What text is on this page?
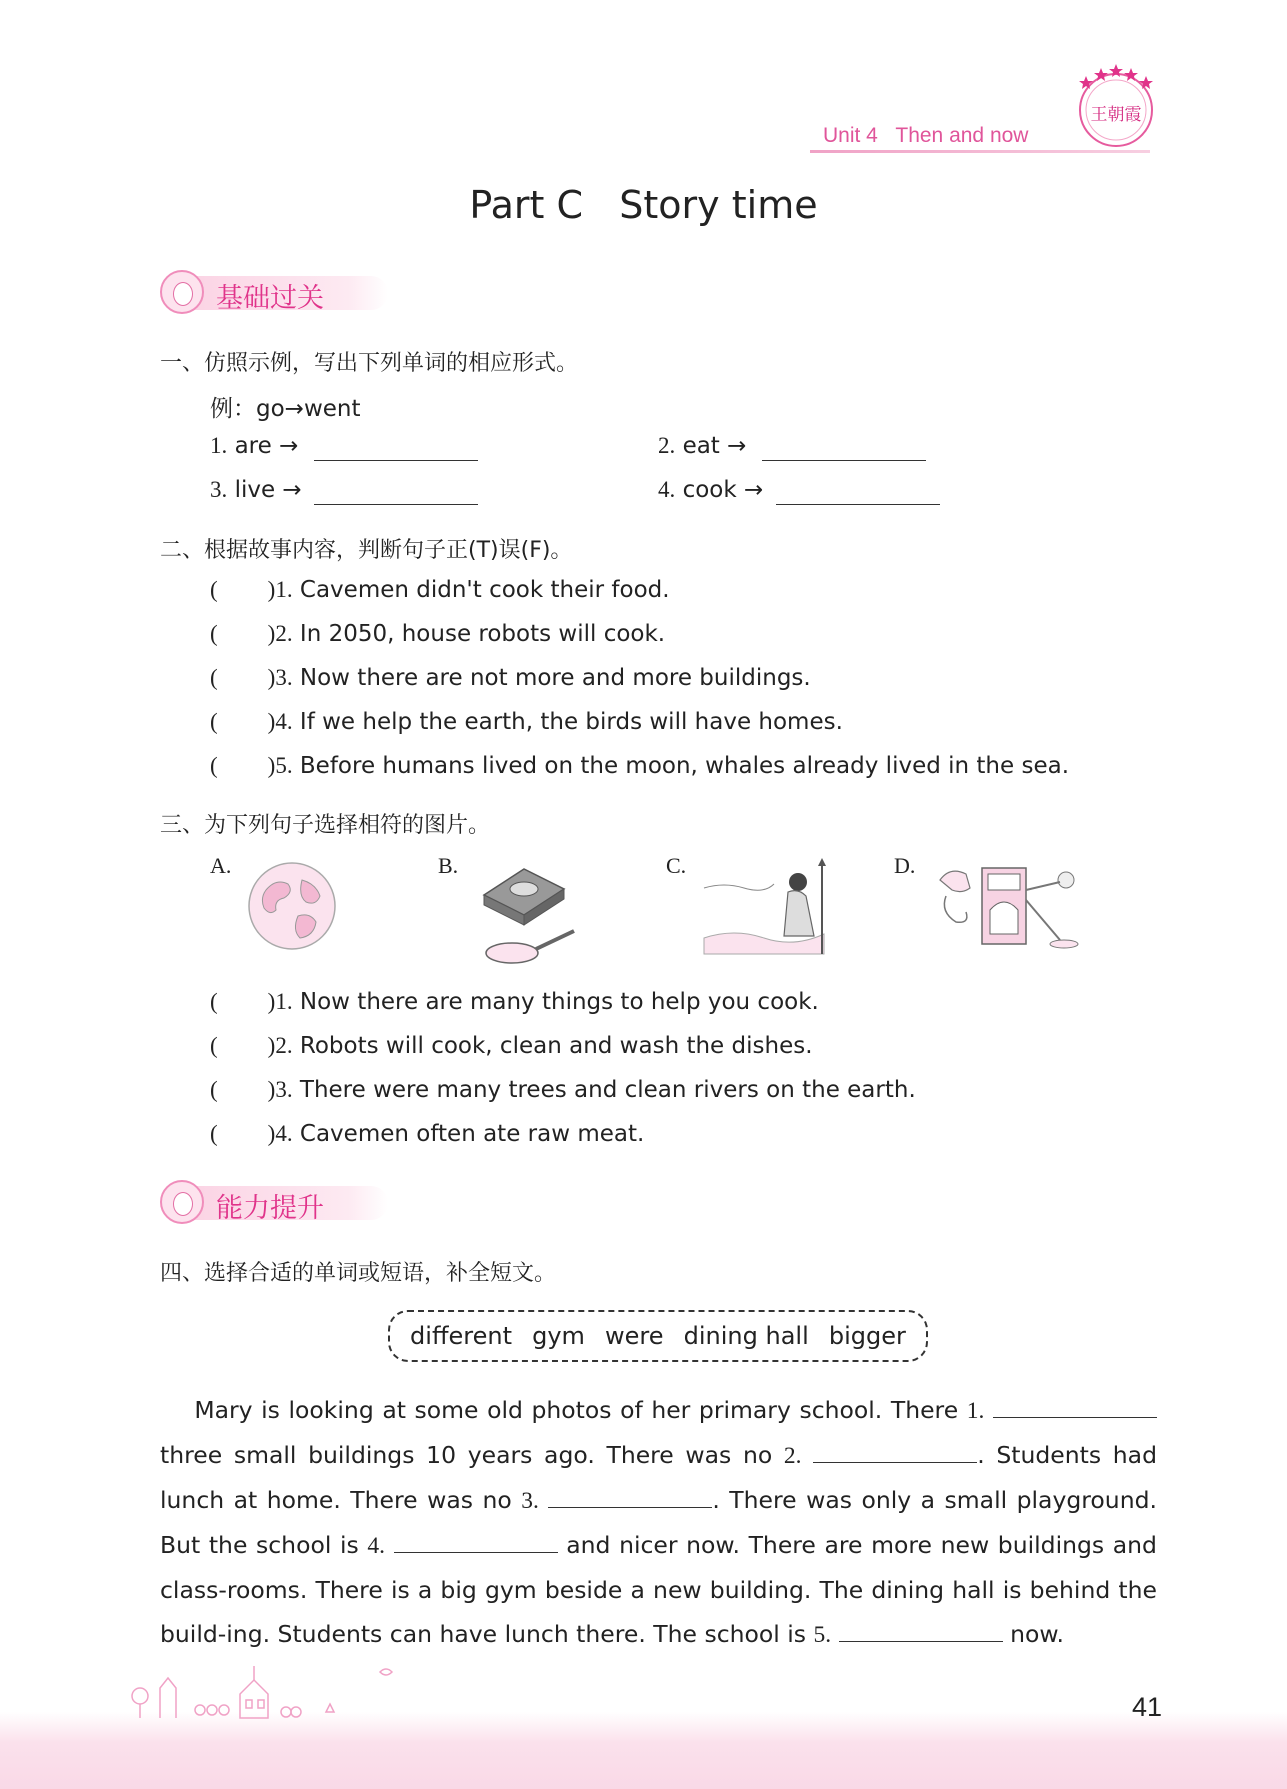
Unit 4 Then and now
王朝霞
Part C   Story time
基础过关
一、仿照示例，写出下列单词的相应形式。
例：go→went
1. are →	2. eat →
3. live →	4. cook →
二、根据故事内容，判断句子正(T)误(F)。
( )1. Cavemen didn't cook their food.
( )2. In 2050, house robots will cook.
( )3. Now there are not more and more buildings.
( )4. If we help the earth, the birds will have homes.
( )5. Before humans lived on the moon, whales already lived in the sea.
三、为下列句子选择相符的图片。
A.	B.	C.	D.
( )1. Now there are many things to help you cook.
( )2. Robots will cook, clean and wash the dishes.
( )3. There were many trees and clean rivers on the earth.
( )4. Cavemen often ate raw meat.
能力提升
四、选择合适的单词或短语，补全短文。
different gym were dining hall bigger

Mary is looking at some old photos of her primary school. There 1.  three small buildings 10 years ago. There was no 2.	. Students had lunch at home. There was no 3.	. There was only a small playground. But the school is 4.	and nicer now. There are more new buildings and class-rooms. There is a big gym beside a new building. The dining hall is behind the build-ing. Students can have lunch there. The school is 5.	now.

41
